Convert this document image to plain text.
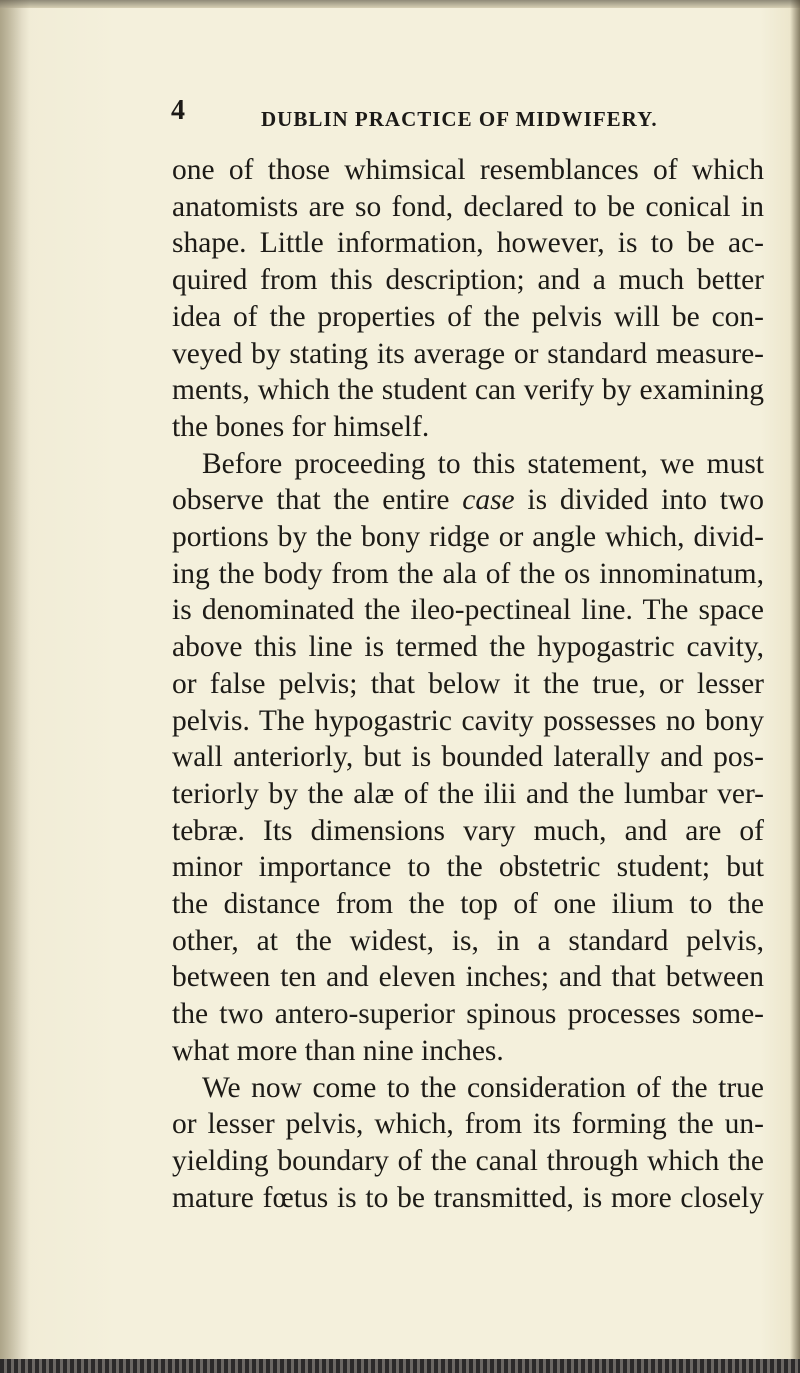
4	DUBLIN PRACTICE OF MIDWIFERY.
one of those whimsical resemblances of which
anatomists are so fond, declared to be conical in
shape. Little information, however, is to be ac-
quired from this description; and a much better
idea of the properties of the pelvis will be con-
veyed by stating its average or standard measure-
ments, which the student can verify by examining
the bones for himself.
Before proceeding to this statement, we must
observe that the entire case is divided into two
portions by the bony ridge or angle which, divid-
ing the body from the ala of the os innominatum,
is denominated the ileo-pectineal line. The space
above this line is termed the hypogastric cavity,
or false pelvis; that below it the true, or lesser
pelvis. The hypogastric cavity possesses no bony
wall anteriorly, but is bounded laterally and pos-
teriorly by the alæ of the ilii and the lumbar ver-
tebræ. Its dimensions vary much, and are of
minor importance to the obstetric student; but
the distance from the top of one ilium to the
other, at the widest, is, in a standard pelvis,
between ten and eleven inches; and that between
the two antero-superior spinous processes some-
what more than nine inches.
We now come to the consideration of the true
or lesser pelvis, which, from its forming the un-
yielding boundary of the canal through which the
mature fœtus is to be transmitted, is more closely
